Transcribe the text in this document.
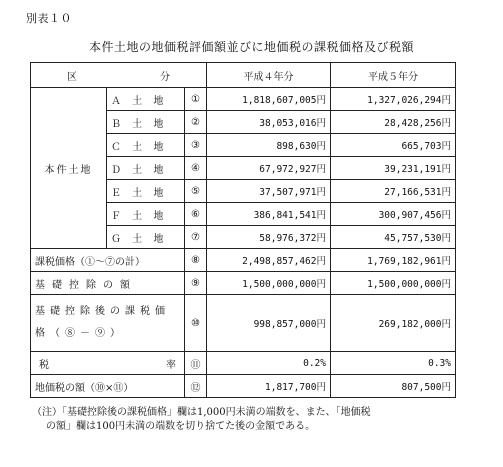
別表１０
本件土地の地価税評価額並びに地価税の課税価格及び税額
区 分			平成４年分	平成５年分
本件土地	Ａ 土 地	①	1,818,607,005円	1,327,026,294円
	Ｂ 土 地	②	38,053,016円	28,428,256円
	Ｃ 土 地	③	898,630円	665,703円
	Ｄ 土 地	④	67,972,927円	39,231,191円
	Ｅ 土 地	⑤	37,507,971円	27,166,531円
	Ｆ 土 地	⑥	386,841,541円	300,907,456円
	Ｇ 土 地	⑦	58,976,372円	45,757,530円
課税価格（①～⑦の計）		⑧	2,498,857,462円	1,769,182,961円
基礎控除の額		⑨	1,500,000,000円	1,500,000,000円
基礎控除後の課税価格（⑧－⑨）		⑩	998,857,000円	269,182,000円
税 率		⑪	0.2%	0.3%
地価税の額（⑩×⑪）		⑫	1,817,700円	807,500円
（注）「基礎控除後の課税価格」欄は1,000円未満の端数を、また、「地価税
の額」欄は100円未満の端数を切り捨てた後の金額である。
